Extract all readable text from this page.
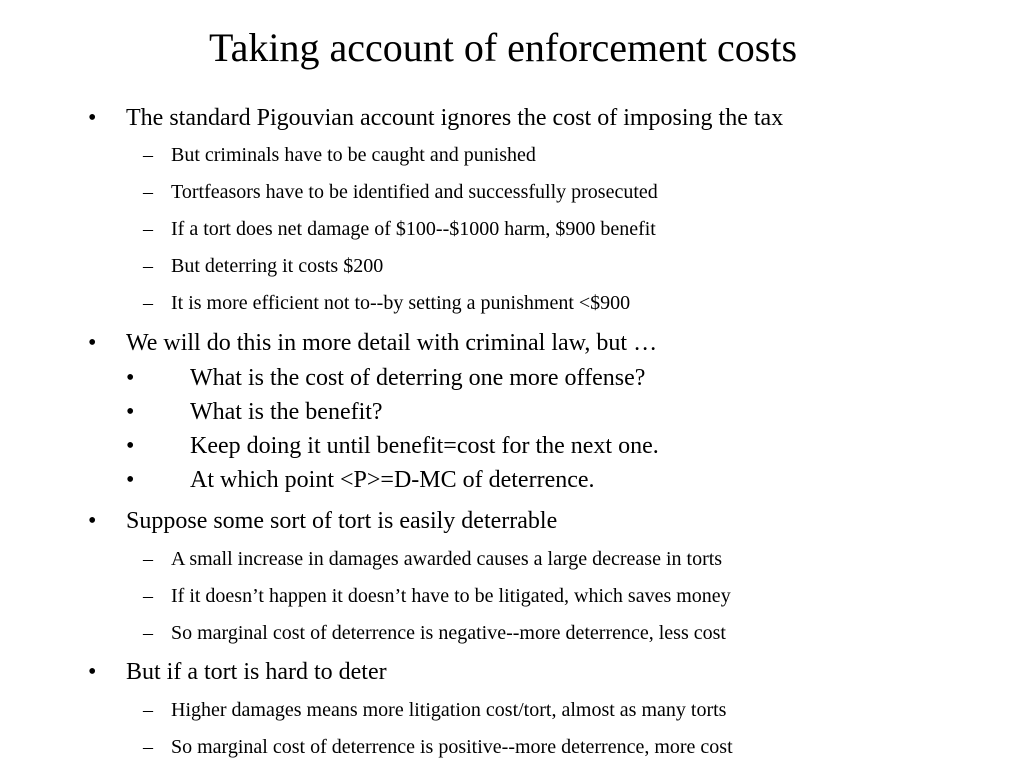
Taking account of enforcement costs
• The standard Pigouvian account ignores the cost of imposing the tax
– But criminals have to be caught and punished
– Tortfeasors have to be identified and successfully prosecuted
– If a tort does net damage of $100--$1000 harm, $900 benefit
– But deterring it costs $200
– It is more efficient not to--by setting a punishment <$900
• We will do this in more detail with criminal law, but …
• What is the cost of deterring one more offense?
• What is the benefit?
• Keep doing it until benefit=cost for the next one.
• At which point <P>=D-MC of deterrence.
• Suppose some sort of tort is easily deterrable
– A small increase in damages awarded causes a large decrease in torts
– If it doesn’t happen it doesn’t have to be litigated, which saves money
– So marginal cost of deterrence is negative--more deterrence, less cost
• But if a tort is hard to deter
– Higher damages means more litigation cost/tort, almost as many torts
– So marginal cost of deterrence is positive--more deterrence, more cost
